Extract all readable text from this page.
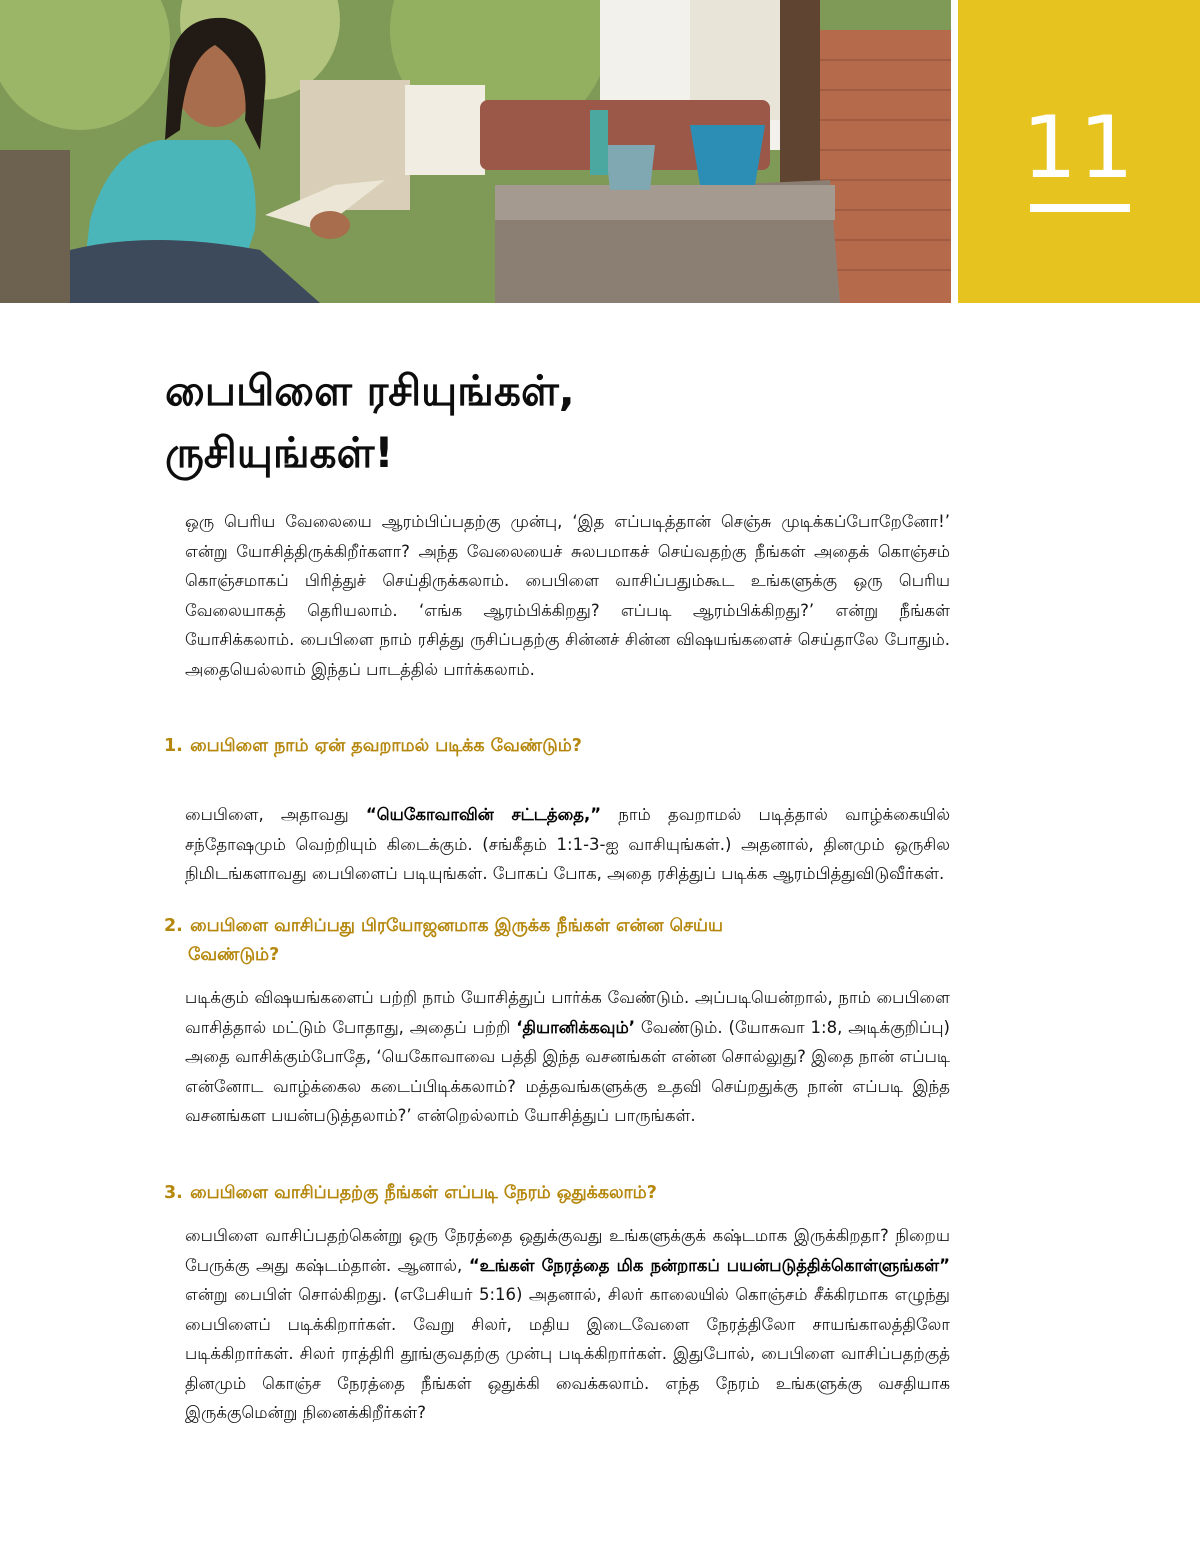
11
பைபிளை ரசியுங்கள்,
ருசியுங்கள்!

ஒரு பெரிய வேலையை ஆரம்பிப்பதற்கு முன்பு, ‘இத எப்படித்தான் செஞ்சு முடிக்கப்போறேனோ!’ என்று யோசித்திருக்கிறீர்களா? அந்த வேலையைச் சுலபமாகச் செய்வதற்கு நீங்கள் அதைக் கொஞ்சம் கொஞ்சமாகப் பிரித்துச் செய்திருக்கலாம். பைபிளை வாசிப்பதும்கூட உங்களுக்கு ஒரு பெரிய வேலையாகத் தெரியலாம். ‘எங்க ஆரம்பிக்கிறது? எப்படி ஆரம்பிக்கிறது?’ என்று நீங்கள் யோசிக்கலாம். பைபிளை நாம் ரசித்து ருசிப்பதற்கு சின்னச் சின்ன விஷயங்களைச் செய்தாலே போதும். அதையெல்லாம் இந்தப் பாடத்தில் பார்க்கலாம்.

1. பைபிளை நாம் ஏன் தவறாமல் படிக்க வேண்டும்?

பைபிளை, அதாவது “யெகோவாவின் சட்டத்தை,” நாம் தவறாமல் படித்தால் வாழ்க்கையில் சந்தோஷமும் வெற்றியும் கிடைக்கும். (சங்கீதம் 1:1-3-ஐ வாசியுங்கள்.) அதனால், தினமும் ஒருசில நிமிடங்களாவது பைபிளைப் படியுங்கள். போகப் போக, அதை ரசித்துப் படிக்க ஆரம்பித்துவிடுவீர்கள்.

2. பைபிளை வாசிப்பது பிரயோஜனமாக இருக்க நீங்கள் என்ன செய்ய
வேண்டும்?

படிக்கும் விஷயங்களைப் பற்றி நாம் யோசித்துப் பார்க்க வேண்டும். அப்படியென்றால், நாம் பைபிளை வாசித்தால் மட்டும் போதாது, அதைப் பற்றி ‘தியானிக்கவும்’ வேண்டும். (யோசுவா 1:8, அடிக்குறிப்பு) அதை வாசிக்கும்போதே, ‘யெகோவாவை பத்தி இந்த வசனங்கள் என்ன சொல்லுது? இதை நான் எப்படி என்னோட வாழ்க்கைல கடைப்பிடிக்கலாம்? மத்தவங்களுக்கு உதவி செய்றதுக்கு நான் எப்படி இந்த வசனங்கள பயன்படுத்தலாம்?’ என்றெல்லாம் யோசித்துப் பாருங்கள்.

3. பைபிளை வாசிப்பதற்கு நீங்கள் எப்படி நேரம் ஒதுக்கலாம்?

பைபிளை வாசிப்பதற்கென்று ஒரு நேரத்தை ஒதுக்குவது உங்களுக்குக் கஷ்டமாக இருக்கிறதா? நிறைய பேருக்கு அது கஷ்டம்தான். ஆனால், “உங்கள் நேரத்தை மிக நன்றாகப் பயன்படுத்திக்கொள்ளுங்கள்” என்று பைபிள் சொல்கிறது. (எபேசியர் 5:16) அதனால், சிலர் காலையில் கொஞ்சம் சீக்கிரமாக எழுந்து பைபிளைப் படிக்கிறார்கள். வேறு சிலர், மதிய இடைவேளை நேரத்திலோ சாயங்காலத்திலோ படிக்கிறார்கள். சிலர் ராத்திரி தூங்குவதற்கு முன்பு படிக்கிறார்கள். இதுபோல், பைபிளை வாசிப்பதற்குத் தினமும் கொஞ்ச நேரத்தை நீங்கள் ஒதுக்கி வைக்கலாம். எந்த நேரம் உங்களுக்கு வசதியாக இருக்குமென்று நினைக்கிறீர்கள்?
